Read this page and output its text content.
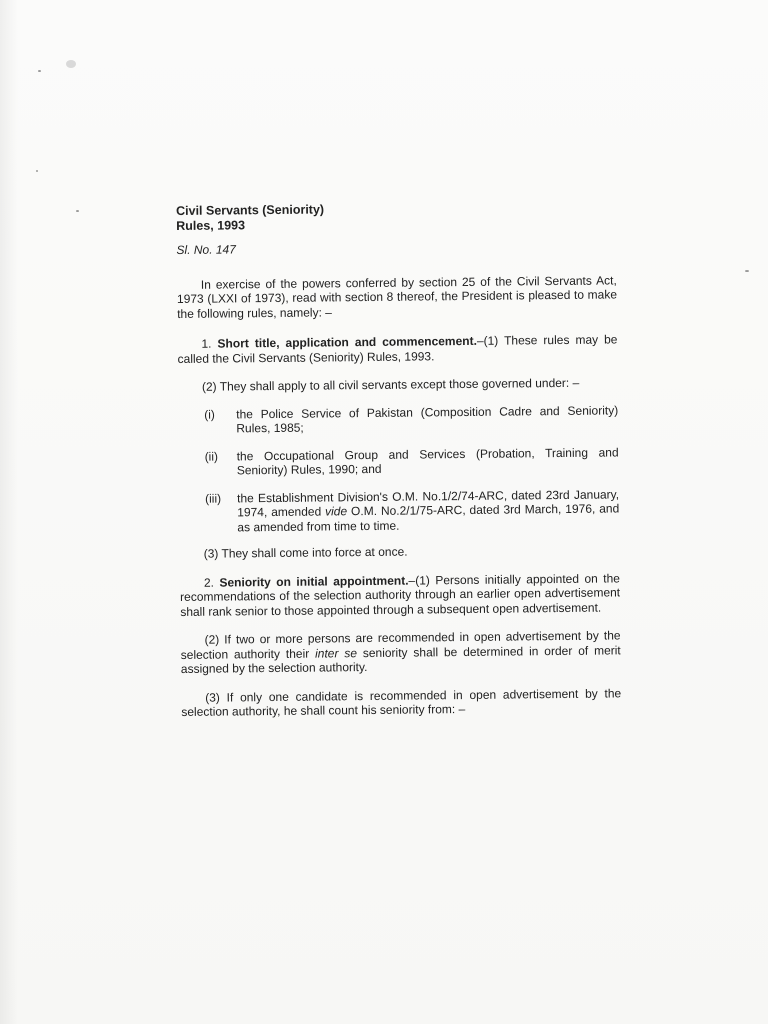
Civil Servants (Seniority)
Rules, 1993

Sl. No. 147

In exercise of the powers conferred by section 25 of the Civil Servants Act, 1973 (LXXI of 1973), read with section 8 thereof, the President is pleased to make the following rules, namely: –

1. Short title, application and commencement.–(1) These rules may be called the Civil Servants (Seniority) Rules, 1993.

(2) They shall apply to all civil servants except those governed under: –

(i)	the Police Service of Pakistan (Composition Cadre and Seniority) Rules, 1985;
(ii)	the Occupational Group and Services (Probation, Training and Seniority) Rules, 1990; and
(iii)	the Establishment Division's O.M. No.1/2/74-ARC, dated 23rd January, 1974, amended vide O.M. No.2/1/75-ARC, dated 3rd March, 1976, and as amended from time to time.

(3) They shall come into force at once.

2. Seniority on initial appointment.–(1) Persons initially appointed on the recommendations of the selection authority through an earlier open advertisement shall rank senior to those appointed through a subsequent open advertisement.

(2) If two or more persons are recommended in open advertisement by the selection authority their inter se seniority shall be determined in order of merit assigned by the selection authority.

(3) If only one candidate is recommended in open advertisement by the selection authority, he shall count his seniority from: –
